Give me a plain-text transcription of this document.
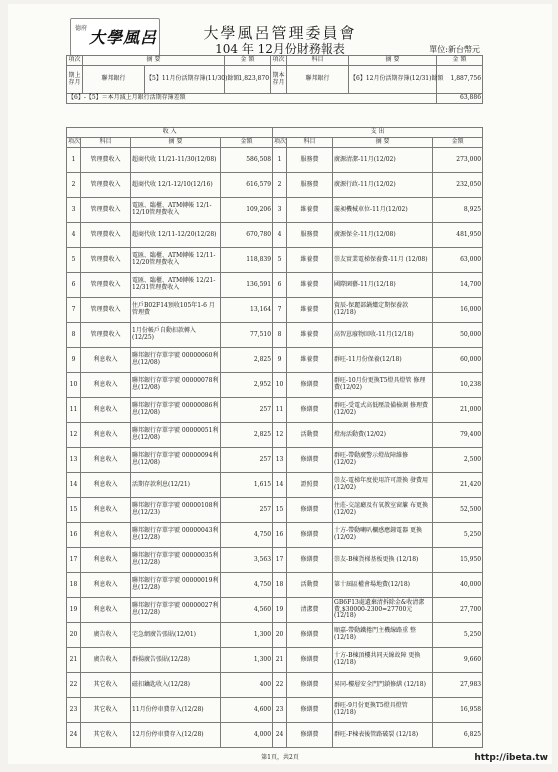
德府 大學風呂	大學風呂管理委員會
104 年 12月份財務報表	單位:新台幣元
項次	摘 要		金 額	項次	科目	摘 要	金 額
期上存月	聯邦銀行	【5】11月份活期存簿(11/30)餘額	1,823,870	期本存月	聯邦銀行	【6】12月份活期存簿(12/31)餘額	1,887,756
【6】-【5】＝本月減上月銀行活期存簿差額							63,886
收 入				支 出			
項次	科目	摘 要	金額	項次	科目	摘 要	金額
1	管理費收入	超商代收 11/21-11/30(12/08)	586,508	1	服務費	廣源清潔-11月(12/02)	273,000
2	管理費收入	超商代收 12/1-12/10(12/16)	616,579	2	服務費	廣源行政-11月(12/02)	232,050
3	管理費收入	電匯、臨櫃、ATM轉帳 12/1-12/10管理費收入	109,206	3	維養費	璇昶機械車位-11月(12/02)	8,925
4	管理費收入	超商代收 12/11-12/20(12/28)	670,780	4	服務費	廣源保全-11月(12/08)	481,950
5	管理費收入	電匯、臨櫃、ATM轉帳 12/11-12/20管理費收入	118,839	5	維養費	崇友實業電梯保養費-11月 (12/08)	63,000
6	管理費收入	電匯、臨櫃、ATM轉帳 12/21-12/31管理費收入	136,591	6	維養費	國際園藝-11月(12/18)	14,700
7	管理費收入	住戶B02F14預收105年1-6 月管理費	13,164	7	維養費	資辰-保麗部鍋爐定期保養款 (12/18)	16,000
8	管理費收入	1月份帳戶自動扣款轉入 (12/25)	77,510	8	維養費	高智崽廢物回收-11月(12/18)	50,000
9	利息收入	聯邦銀行存單字號 00000060利息(12/08)	2,825	9	維養費	群旺-11月份保養(12/18)	60,000
10	利息收入	聯邦銀行存單字號 00000078利息(12/08)	2,952	10	修繕費	群旺-10月份更換T5燈具燈管 修理費(12/02)	10,238
11	利息收入	聯邦銀行存單字號 00000086利息(12/08)	257	11	修繕費	群旺-受電式高低壓設備檢測 修理費(12/02)	21,000
12	利息收入	聯邦銀行存單字號 00000051利息(12/08)	2,825	12	活動費	燈海活動費(12/02)	79,400
13	利息收入	聯邦銀行存單字號 00000094利息(12/08)	257	13	修繕費	群旺-帶動廣警示燈故障維修 (12/02)	2,500
14	利息收入	活期存款利息(12/21)	1,615	14	證照費	崇友-電梯年度使用許可證換 發費用(12/02)	21,420
15	利息收入	聯邦銀行存單字號 00000108利息(12/23)	257	15	修繕費	住莊-交誼廳及有氧教室窗簾 布更換(12/02)	52,500
16	利息收入	聯邦銀行存單字號 00000043利息(12/28)	4,750	16	修繕費	十方-帶動喇叭欄感應鐘電器 更換(12/02)	5,250
17	利息收入	聯邦銀行存單字號 00000035利息(12/28)	3,563	17	修繕費	崇友-B棟貨梯基板更換 (12/18)	15,950
18	利息收入	聯邦銀行存單字號 00000019利息(12/28)	4,750	18	活動費	第十屆區權會場地費(12/18)	40,000
19	利息收入	聯邦銀行存單字號 00000027利息(12/28)	4,560	19	清潔費	GB6F13處遺棄清拆除金&收清潔 費,$30000-2300=27700元(12/18)	27,700
20	廣告收入	宅急網廣告張貼(12/01)	1,300	20	修繕費	順嘉-帶動鐵捲門主機線路重 整(12/18)	5,250
21	廣告收入	群揚廣告張貼(12/28)	1,300	21	修繕費	十方-B棟頂樓共同天線故障 更換(12/18)	9,660
22	其它收入	磁扣鑰匙收入(12/28)	400	22	修繕費	昇同-樓層安全門門鎖修繕 (12/18)	27,983
23	其它收入	11月份停車費存入(12/28)	4,600	23	修繕費	群旺-9月份更換T5燈具燈管 (12/18)	16,958
24	其它收入	12月份停車費存入(12/28)	4,000	24	修繕費	群旺-F棟表後管路破裂 (12/18)	6,825
第1頁，共2頁	http://ibeta.tw
